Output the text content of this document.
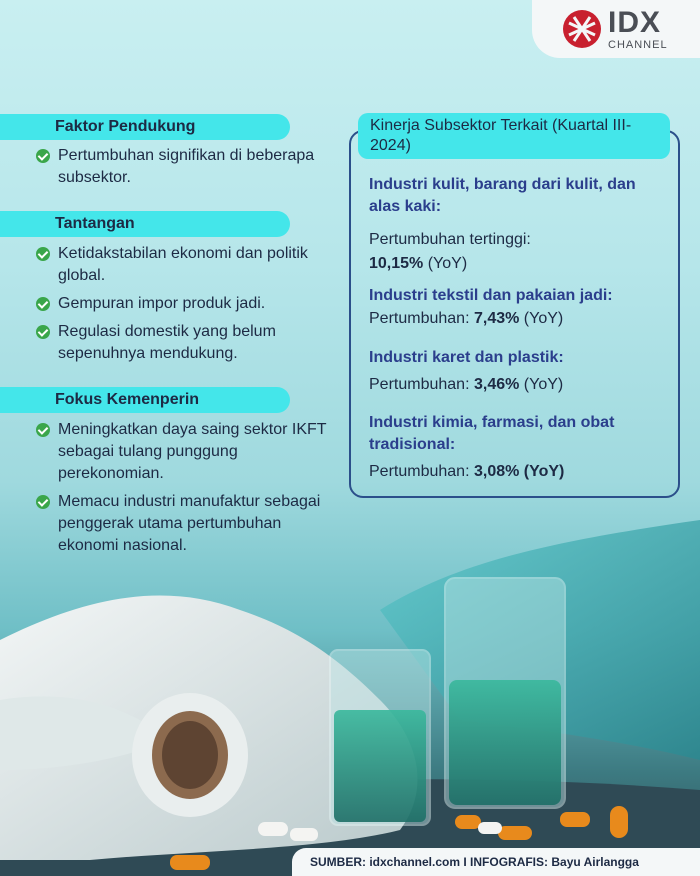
IDX
CHANNEL
Faktor Pendukung
Pertumbuhan signifikan di beberapa subsektor.
Tantangan
Ketidakstabilan ekonomi dan politik global.
Gempuran impor produk jadi.
Regulasi domestik yang belum sepenuhnya mendukung.
Fokus Kemenperin
Meningkatkan daya saing sektor IKFT sebagai tulang punggung perekonomian.
Memacu industri manufaktur sebagai penggerak utama pertumbuhan ekonomi nasional.
Kinerja Subsektor Terkait (Kuartal III-2024)
Industri kulit, barang dari kulit, dan alas kaki:
Pertumbuhan tertinggi:
10,15% (YoY)
Industri tekstil dan pakaian jadi:
Pertumbuhan: 7,43% (YoY)
Industri karet dan plastik:
Pertumbuhan: 3,46% (YoY)
Industri kimia, farmasi, dan obat tradisional:
Pertumbuhan: 3,08% (YoY)
SUMBER: idxchannel.com I INFOGRAFIS: Bayu Airlangga
